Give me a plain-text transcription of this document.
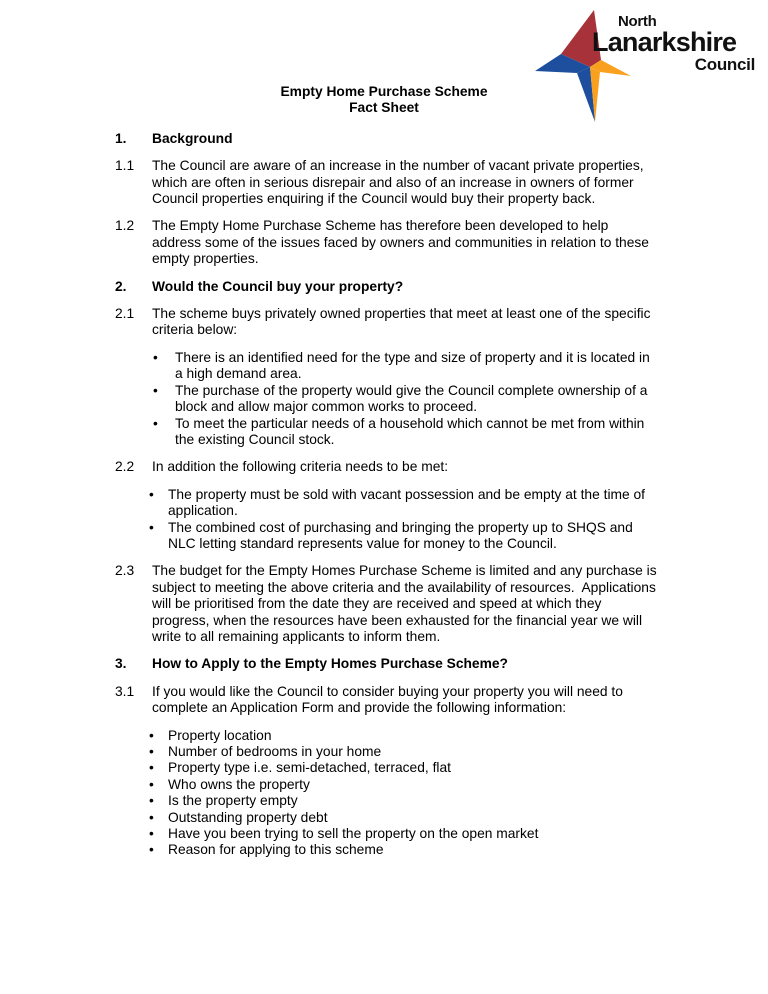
North
Lanarkshire
Council
Empty Home Purchase Scheme
Fact Sheet
1.	Background
1.1	The Council are aware of an increase in the number of vacant private properties, which are often in serious disrepair and also of an increase in owners of former Council properties enquiring if the Council would buy their property back.
1.2	The Empty Home Purchase Scheme has therefore been developed to help address some of the issues faced by owners and communities in relation to these empty properties.
2.	Would the Council buy your property?
2.1	The scheme buys privately owned properties that meet at least one of the specific criteria below:
•	There is an identified need for the type and size of property and it is located in a high demand area.
•	The purchase of the property would give the Council complete ownership of a block and allow major common works to proceed.
•	To meet the particular needs of a household which cannot be met from within the existing Council stock.
2.2	In addition the following criteria needs to be met:
•	The property must be sold with vacant possession and be empty at the time of application.
•	The combined cost of purchasing and bringing the property up to SHQS and NLC letting standard represents value for money to the Council.
2.3	The budget for the Empty Homes Purchase Scheme is limited and any purchase is subject to meeting the above criteria and the availability of resources.  Applications will be prioritised from the date they are received and speed at which they progress, when the resources have been exhausted for the financial year we will write to all remaining applicants to inform them.
3.	How to Apply to the Empty Homes Purchase Scheme?
3.1	If you would like the Council to consider buying your property you will need to complete an Application Form and provide the following information:
•	Property location
•	Number of bedrooms in your home
•	Property type i.e. semi-detached, terraced, flat
•	Who owns the property
•	Is the property empty
•	Outstanding property debt
•	Have you been trying to sell the property on the open market
•	Reason for applying to this scheme
